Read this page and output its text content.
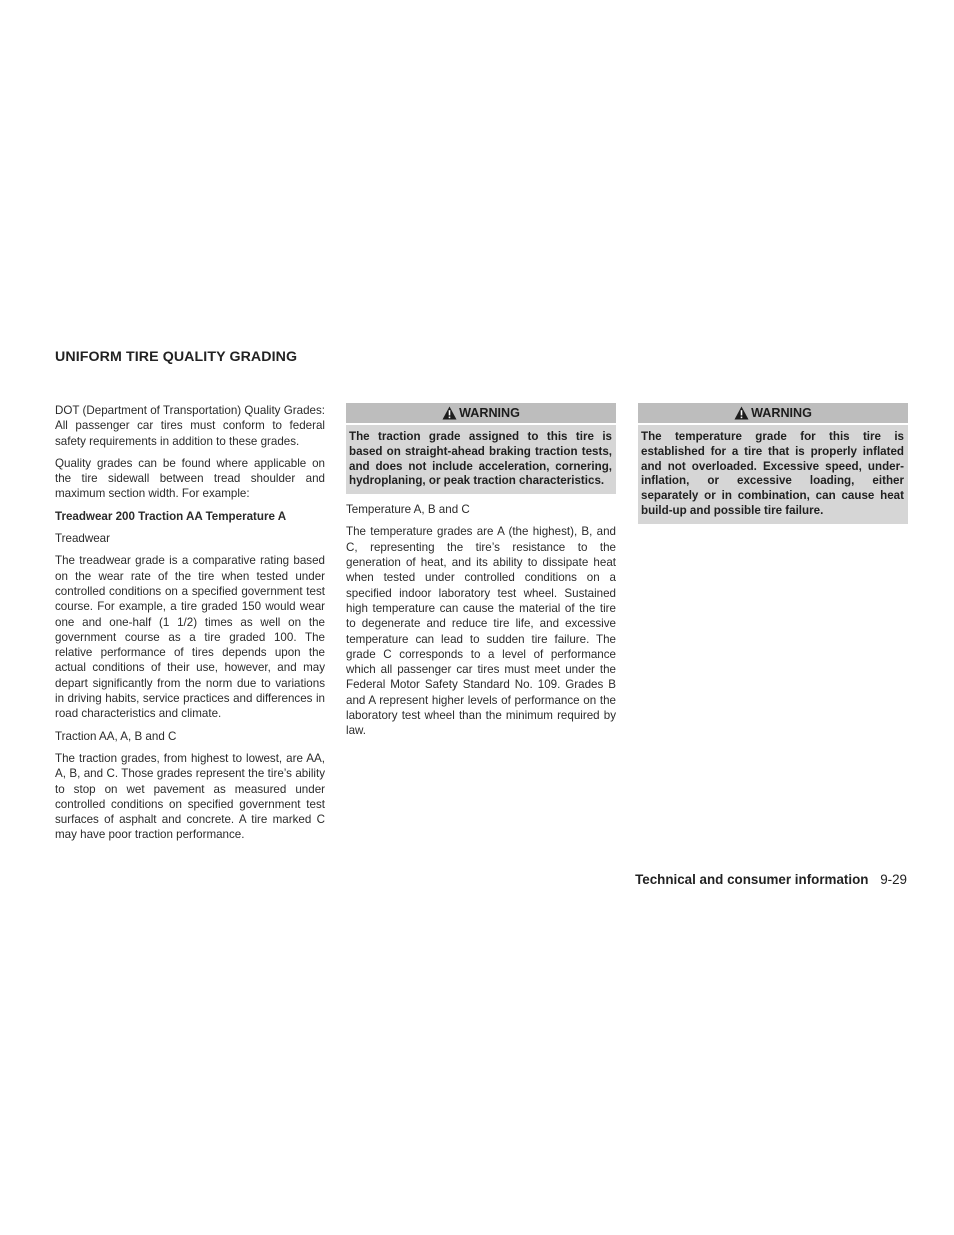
UNIFORM TIRE QUALITY GRADING

DOT (Department of Transportation) Quality Grades: All passenger car tires must conform to federal safety requirements in addition to these grades.

Quality grades can be found where applicable on the tire sidewall between tread shoulder and maximum section width. For example:

Treadwear 200 Traction AA Temperature A

Treadwear

The treadwear grade is a comparative rating based on the wear rate of the tire when tested under controlled conditions on a specified government test course. For example, a tire graded 150 would wear one and one-half (1 1/2) times as well on the government course as a tire graded 100. The relative performance of tires depends upon the actual conditions of their use, however, and may depart significantly from the norm due to variations in driving habits, service practices and differences in road characteristics and climate.

Traction AA, A, B and C

The traction grades, from highest to lowest, are AA, A, B, and C. Those grades represent the tire’s ability to stop on wet pavement as measured under controlled conditions on specified government test surfaces of asphalt and concrete. A tire marked C may have poor traction performance.

WARNING
The traction grade assigned to this tire is based on straight-ahead braking traction tests, and does not include acceleration, cornering, hydroplaning, or peak traction characteristics.

Temperature A, B and C

The temperature grades are A (the highest), B, and C, representing the tire’s resistance to the generation of heat, and its ability to dissipate heat when tested under controlled conditions on a specified indoor laboratory test wheel. Sustained high temperature can cause the material of the tire to degenerate and reduce tire life, and excessive temperature can lead to sudden tire failure. The grade C corresponds to a level of performance which all passenger car tires must meet under the Federal Motor Safety Standard No. 109. Grades B and A represent higher levels of performance on the laboratory test wheel than the minimum required by law.

WARNING
The temperature grade for this tire is established for a tire that is properly inflated and not overloaded. Excessive speed, under-inflation, or excessive loading, either separately or in combination, can cause heat build-up and possible tire failure.
Technical and consumer information 9-29
